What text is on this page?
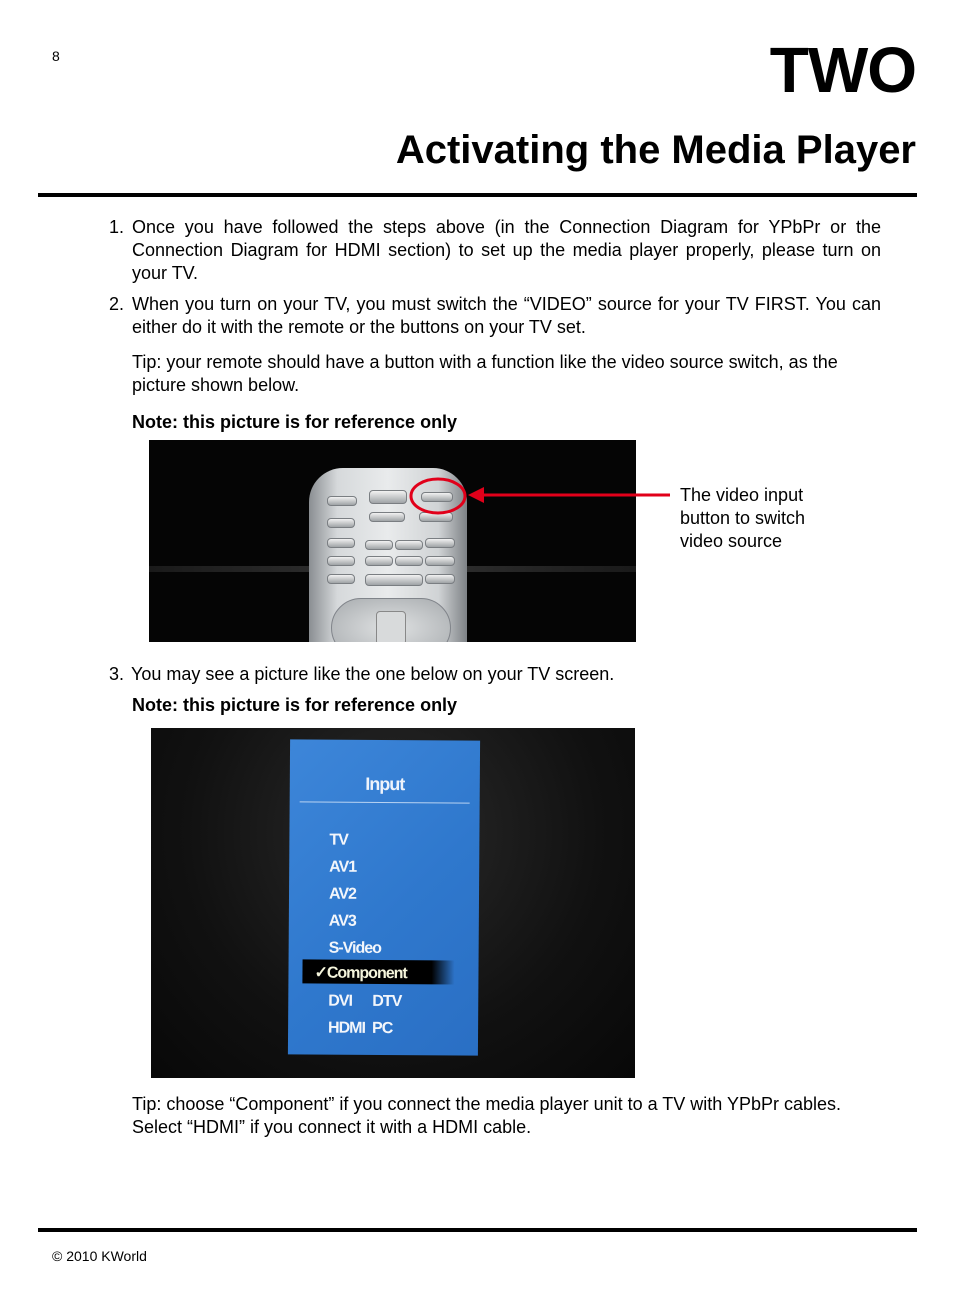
8	TWO
Activating the Media Player
1. Once you have followed the steps above (in the Connection Diagram for YPbPr or the Connection Diagram for HDMI section) to set up the media player properly, please turn on your TV.
2. When you turn on your TV, you must switch the “VIDEO” source for your TV FIRST. You can either do it with the remote or the buttons on your TV set.
Tip: your remote should have a button with a function like the video source switch, as the picture shown below.
Note: this picture is for reference only
The video input button to switch video source
3. You may see a picture like the one below on your TV screen.
Note: this picture is for reference only
Input
TV
AV1
AV2
AV3
S-Video
✓Component
DVI DTV
HDMI PC
Tip: choose “Component” if you connect the media player unit to a TV with YPbPr cables. Select “HDMI” if you connect it with a HDMI cable.
© 2010 KWorld
